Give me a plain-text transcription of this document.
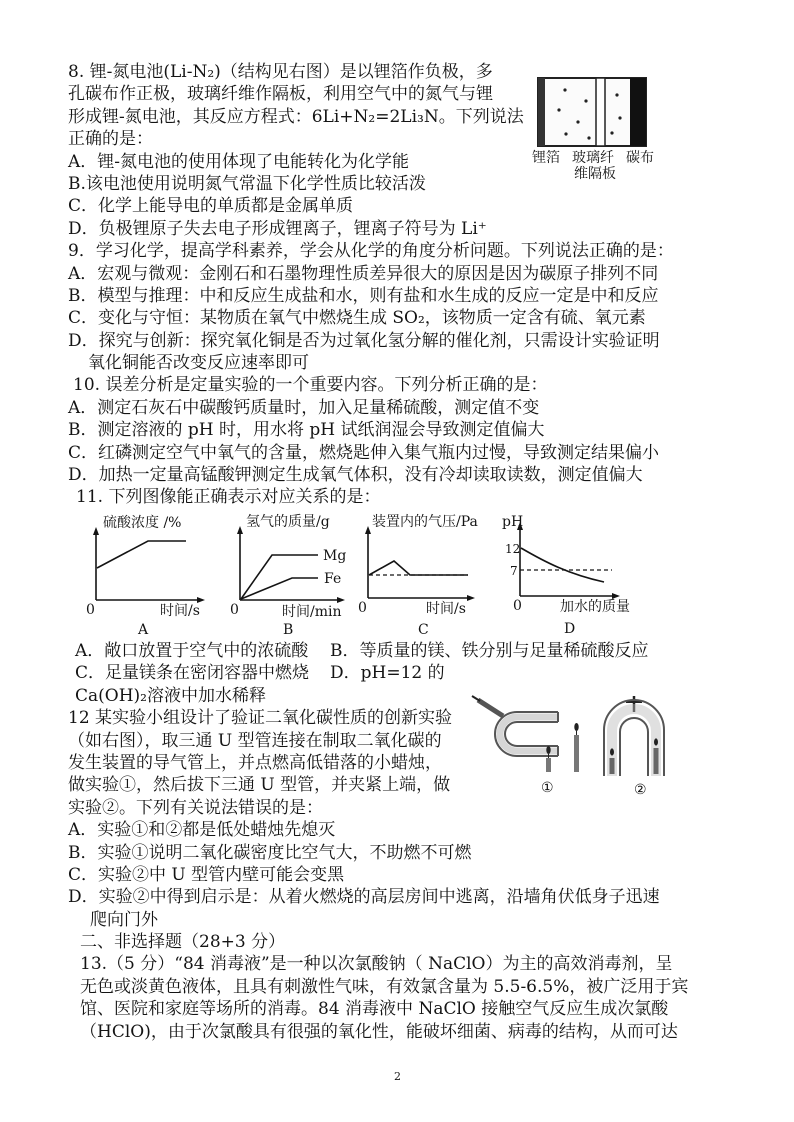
8. 锂-氮电池(Li-N₂)（结构见右图）是以锂箔作负极，多
孔碳布作正极，玻璃纤维作隔板，利用空气中的氮气与锂
形成锂-氮电池，其反应方程式：6Li+N₂=2Li₃N。下列说法
正确的是：
A．锂-氮电池的使用体现了电能转化为化学能
B.该电池使用说明氮气常温下化学性质比较活泼
C．化学上能导电的单质都是金属单质
D．负极锂原子失去电子形成锂离子，锂离子符号为 Li⁺
9．学习化学，提高学科素养，学会从化学的角度分析问题。下列说法正确的是：
A．宏观与微观：金刚石和石墨物理性质差异很大的原因是因为碳原子排列不同
B．模型与推理：中和反应生成盐和水，则有盐和水生成的反应一定是中和反应
C．变化与守恒：某物质在氧气中燃烧生成 SO₂，该物质一定含有硫、氧元素
D．探究与创新：探究氧化铜是否为过氧化氢分解的催化剂，只需设计实验证明
氧化铜能否改变反应速率即可
10. 误差分析是定量实验的一个重要内容。下列分析正确的是：
A．测定石灰石中碳酸钙质量时，加入足量稀硫酸，测定值不变
B．测定溶液的 pH 时，用水将 pH 试纸润湿会导致测定值偏大
C．红磷测定空气中氧气的含量，燃烧匙伸入集气瓶内过慢，导致测定结果偏小
D．加热一定量高锰酸钾测定生成氧气体积，没有冷却读取读数，测定值偏大
11. 下列图像能正确表示对应关系的是：
锂箔 玻璃纤 碳布
维隔板
硫酸浓度 /%
0	时间/s
A
氢气的质量/g
Mg
Fe
0	时间/min
B
装置内的气压/Pa
0	时间/s
C
pH
12
7
0	加水的质量
D
A．敞口放置于空气中的浓硫酸 B．等质量的镁、铁分别与足量稀硫酸反应
C．足量镁条在密闭容器中燃烧 D．pH=12 的
Ca(OH)₂溶液中加水稀释
12 某实验小组设计了验证二氧化碳性质的创新实验
（如右图），取三通 U 型管连接在制取二氧化碳的
发生装置的导气管上，并点燃高低错落的小蜡烛，
做实验①，然后拔下三通 U 型管，并夹紧上端，做
实验②。下列有关说法错误的是：
A．实验①和②都是低处蜡烛先熄灭
B．实验①说明二氧化碳密度比空气大，不助燃不可燃
C．实验②中 U 型管内壁可能会变黑
D．实验②中得到启示是：从着火燃烧的高层房间中逃离，沿墙角伏低身子迅速
爬向门外
二、非选择题（28+3 分）
13.（5 分）“84 消毒液”是一种以次氯酸钠（ NaClO）为主的高效消毒剂，呈
无色或淡黄色液体，且具有刺激性气味，有效氯含量为 5.5-6.5%，被广泛用于宾
馆、医院和家庭等场所的消毒。84 消毒液中 NaClO 接触空气反应生成次氯酸
（HClO)，由于次氯酸具有很强的氧化性，能破坏细菌、病毒的结构，从而可达
①	②
2
